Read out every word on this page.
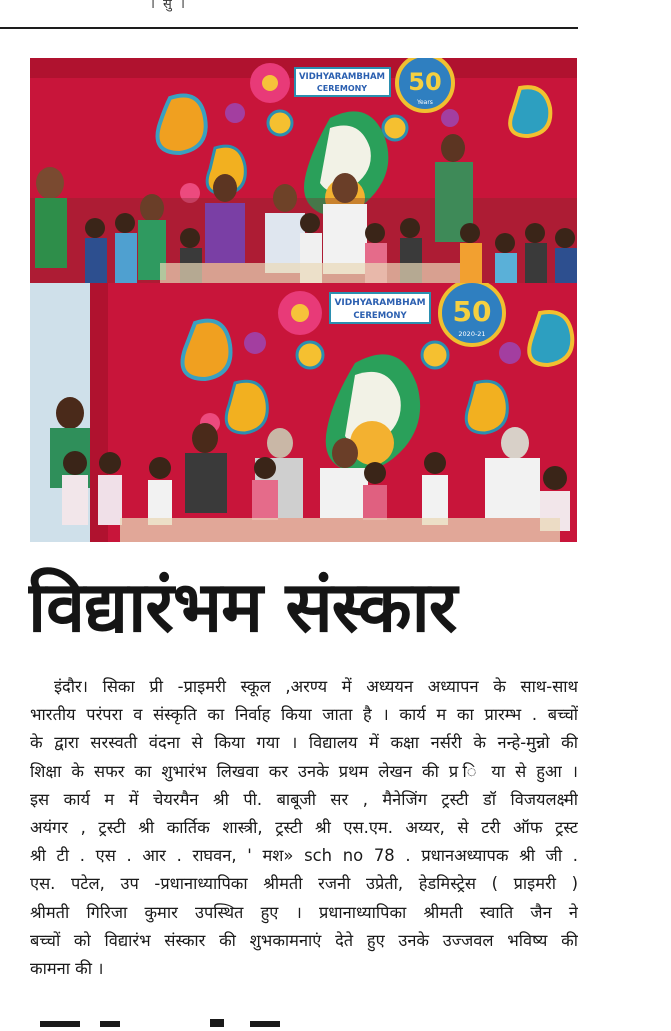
। सु ।
VIDHYARAMBHAM
CEREMONY 50
Years
VIDHYARAMBHAM
CEREMONY 50
2020-21
विद्यारंभम संस्कार
इंदौर। सिका प्री -प्राइमरी स्कूल ,अरण्य में अध्ययन अध्यापन के साथ-साथ
भारतीय परंपरा व संस्कृति का निर्वाह किया जाता है । कार्य म का प्रारम्भ . बच्चों
के द्वारा सरस्वती वंदना से किया गया । विद्यालय में कक्षा नर्सरी के नन्हे-मुन्नो की
शिक्षा के सफर का शुभारंभ लिखवा कर उनके प्रथम लेखन की प्र ि या से हुआ ।
इस कार्य म में चेयरमैन श्री पी. बाबूजी सर , मैनेजिंग ट्रस्टी डॉ विजयलक्ष्मी
अयंगर , ट्रस्टी श्री कार्तिक शास्त्री, ट्रस्टी श्री एस.एम. अय्यर, से टरी ऑफ ट्रस्ट
श्री टी . एस . आर . राघवन, ' मश» sch no 78 . प्रधानअध्यापक श्री जी .
एस. पटेल, उप -प्रधानाध्यापिका श्रीमती रजनी उप्रेती, हेडमिस्ट्रेस ( प्राइमरी )
श्रीमती गिरिजा कुमार उपस्थित हुए । प्रधानाध्यापिका श्रीमती स्वाति जैन ने
बच्चों को विद्यारंभ संस्कार की शुभकामनाएं देते हुए उनके उज्जवल भविष्य की
कामना की ।
